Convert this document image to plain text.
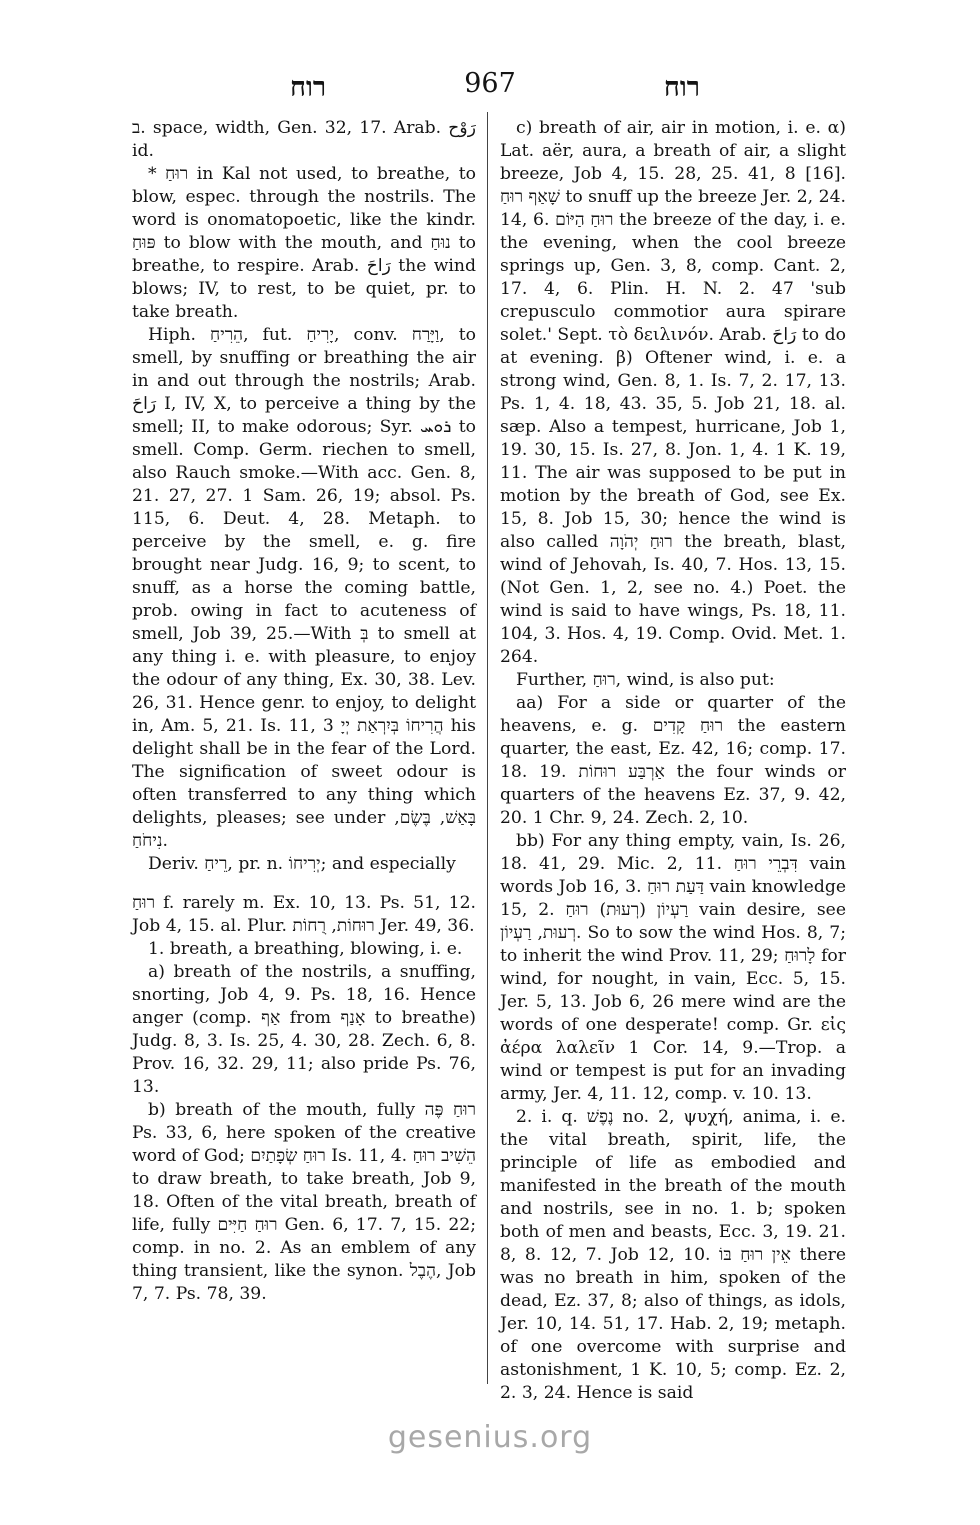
רוח	967	רוח

ב. space, width, Gen. 32, 17. Arab. رَوْح id.

* רוּחַ in Kal not used, to breathe, to blow, espec. through the nostrils. The word is onomatopoetic, like the kindr. פּוּחַ to blow with the mouth, and נוּחַ to breathe, to respire. Arab. رَاحَ the wind blows; IV, to rest, to be quiet, pr. to take breath.

Hiph. הֵרִיחַ, fut. יָרִיחַ, conv. וַיָּרַח, to smell, by snuffing or breathing the air in and out through the nostrils; Arab. رَاحَ I, IV, X, to perceive a thing by the smell; II, to make odorous; Syr. ܪܘܚ to smell. Comp. Germ. riechen to smell, also Rauch smoke.—With acc. Gen. 8, 21. 27, 27. 1 Sam. 26, 19; absol. Ps. 115, 6. Deut. 4, 28. Metaph. to perceive by the smell, e. g. fire brought near Judg. 16, 9; to scent, to snuff, as a horse the coming battle, prob. owing in fact to acuteness of smell, Job 39, 25.—With בְּ to smell at any thing i. e. with pleasure, to enjoy the odour of any thing, Ex. 30, 38. Lev. 26, 31. Hence genr. to enjoy, to delight in, Am. 5, 21. Is. 11, 3 הֲרִיחוֹ בְּיִרְאַת יְיָ his delight shall be in the fear of the Lord. The signification of sweet odour is often transferred to any thing which delights, pleases; see under בָּאַשׁ, בֶּשֶׂם, נִיחֹחַ.

Deriv. רֵיחַ, pr. n. יְרִיחוֹ; and especially

רוּחַ f. rarely m. Ex. 10, 13. Ps. 51, 12. Job 4, 15. al. Plur. רוּחוֹת, רֻחוֹת Jer. 49, 36.

1. breath, a breathing, blowing, i. e.

a) breath of the nostrils, a snuffing, snorting, Job 4, 9. Ps. 18, 16. Hence anger (comp. אַף from אָנַף to breathe) Judg. 8, 3. Is. 25, 4. 30, 28. Zech. 6, 8. Prov. 16, 32. 29, 11; also pride Ps. 76, 13.

b) breath of the mouth, fully רוּחַ פֶּה Ps. 33, 6, here spoken of the creative word of God; רוּחַ שְׂפָתַיִם Is. 11, 4. הֵשִׁיב רוּחַ to draw breath, to take breath, Job 9, 18. Often of the vital breath, breath of life, fully רוּחַ חַיִּים Gen. 6, 17. 7, 15. 22; comp. in no. 2. As an emblem of any thing transient, like the synon. הֶבֶל, Job 7, 7. Ps. 78, 39.

c) breath of air, air in motion, i. e. α) Lat. aër, aura, a breath of air, a slight breeze, Job 4, 15. 28, 25. 41, 8 [16]. שָׁאַף רוּחַ to snuff up the breeze Jer. 2, 24. 14, 6. רוּחַ הַיּוֹם the breeze of the day, i. e. the evening, when the cool breeze springs up, Gen. 3, 8, comp. Cant. 2, 17. 4, 6. Plin. H. N. 2. 47 'sub crepusculo commotior aura spirare solet.' Sept. τὸ δειλινόν. Arab. رَاحَ to do at evening. β) Oftener wind, i. e. a strong wind, Gen. 8, 1. Is. 7, 2. 17, 13. Ps. 1, 4. 18, 43. 35, 5. Job 21, 18. al. sæp. Also a tempest, hurricane, Job 1, 19. 30, 15. Is. 27, 8. Jon. 1, 4. 1 K. 19, 11. The air was supposed to be put in motion by the breath of God, see Ex. 15, 8. Job 15, 30; hence the wind is also called רוּחַ יְהֹוָה the breath, blast, wind of Jehovah, Is. 40, 7. Hos. 13, 15. (Not Gen. 1, 2, see no. 4.) Poet. the wind is said to have wings, Ps. 18, 11. 104, 3. Hos. 4, 19. Comp. Ovid. Met. 1. 264.

Further, רוּחַ, wind, is also put:

aa) For a side or quarter of the heavens, e. g. רוּחַ קָדִים the eastern quarter, the east, Ez. 42, 16; comp. 17. 18. 19. אַרְבַּע רוּחוֹת the four winds or quarters of the heavens Ez. 37, 9. 42, 20. 1 Chr. 9, 24. Zech. 2, 10.

bb) For any thing empty, vain, Is. 26, 18. 41, 29. Mic. 2, 11. דִּבְרֵי רוּחַ vain words Job 16, 3. דַּעַת רוּחַ vain knowledge 15, 2. רַעְיוֹן (רְעוּת) רוּחַ vain desire, see רְעוּת, רַעְיוֹן. So to sow the wind Hos. 8, 7; to inherit the wind Prov. 11, 29; לָרוּחַ for wind, for nought, in vain, Ecc. 5, 15. Jer. 5, 13. Job 6, 26 mere wind are the words of one desperate! comp. Gr. εἰς ἀέρα λαλεῖν 1 Cor. 14, 9.—Trop. a wind or tempest is put for an invading army, Jer. 4, 11. 12, comp. v. 10. 13.

2. i. q. נֶפֶשׁ no. 2, ψυχή, anima, i. e. the vital breath, spirit, life, the principle of life as embodied and manifested in the breath of the mouth and nostrils, see in no. 1. b; spoken both of men and beasts, Ecc. 3, 19. 21. 8, 8. 12, 7. Job 12, 10. אֵין רוּחַ בּוֹ there was no breath in him, spoken of the dead, Ez. 37, 8; also of things, as idols, Jer. 10, 14. 51, 17. Hab. 2, 19; metaph. of one overcome with surprise and astonishment, 1 K. 10, 5; comp. Ez. 2, 2. 3, 24. Hence is said

gesenius.org
